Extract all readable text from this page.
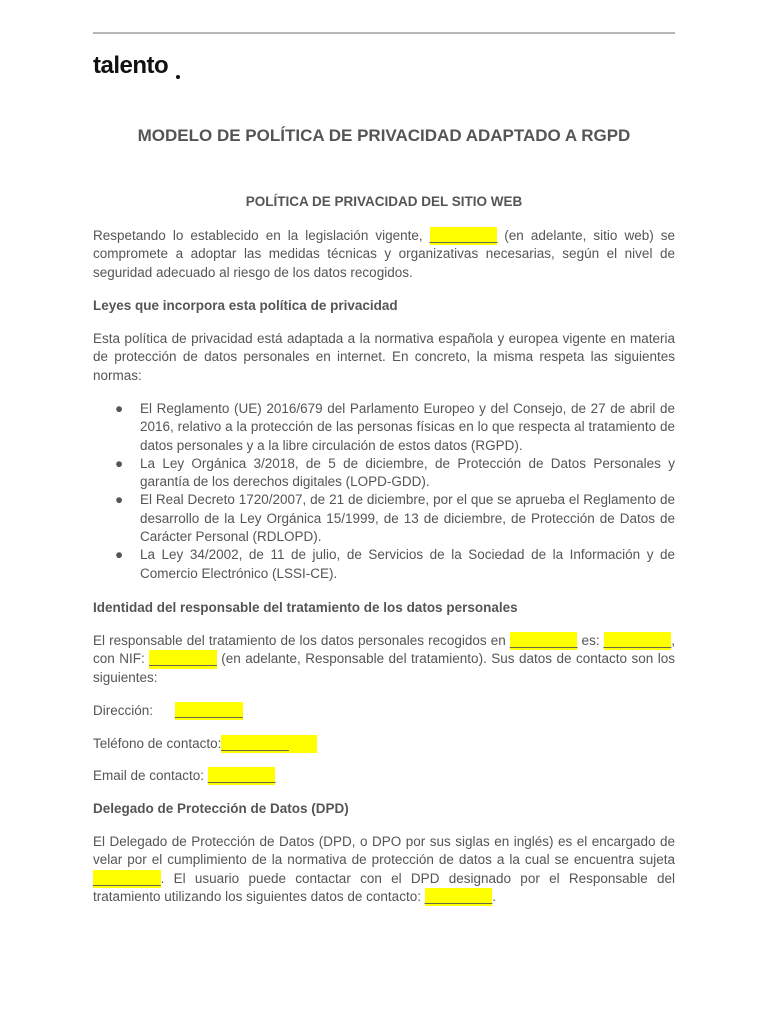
talento
MODELO DE POLÍTICA DE PRIVACIDAD ADAPTADO A RGPD
POLÍTICA DE PRIVACIDAD DEL SITIO WEB

Respetando lo establecido en la legislación vigente, _________ (en adelante, sitio web) se compromete a adoptar las medidas técnicas y organizativas necesarias, según el nivel de seguridad adecuado al riesgo de los datos recogidos.

Leyes que incorpora esta política de privacidad
Esta política de privacidad está adaptada a la normativa española y europea vigente en materia de protección de datos personales en internet. En concreto, la misma respeta las siguientes normas:
● El Reglamento (UE) 2016/679 del Parlamento Europeo y del Consejo, de 27 de abril de 2016, relativo a la protección de las personas físicas en lo que respecta al tratamiento de datos personales y a la libre circulación de estos datos (RGPD).
● La Ley Orgánica 3/2018, de 5 de diciembre, de Protección de Datos Personales y garantía de los derechos digitales (LOPD-GDD).
● El Real Decreto 1720/2007, de 21 de diciembre, por el que se aprueba el Reglamento de desarrollo de la Ley Orgánica 15/1999, de 13 de diciembre, de Protección de Datos de Carácter Personal (RDLOPD).
● La Ley 34/2002, de 11 de julio, de Servicios de la Sociedad de la Información y de Comercio Electrónico (LSSI-CE).
Identidad del responsable del tratamiento de los datos personales

El responsable del tratamiento de los datos personales recogidos en _________ es: _________, con NIF: _________ (en adelante, Responsable del tratamiento). Sus datos de contacto son los siguientes:

Dirección: _________
Teléfono de contacto:_________
Email de contacto: _________
Delegado de Protección de Datos (DPD)

El Delegado de Protección de Datos (DPD, o DPO por sus siglas en inglés) es el encargado de velar por el cumplimiento de la normativa de protección de datos a la cual se encuentra sujeta _________. El usuario puede contactar con el DPD designado por el Responsable del tratamiento utilizando los siguientes datos de contacto: _________.
